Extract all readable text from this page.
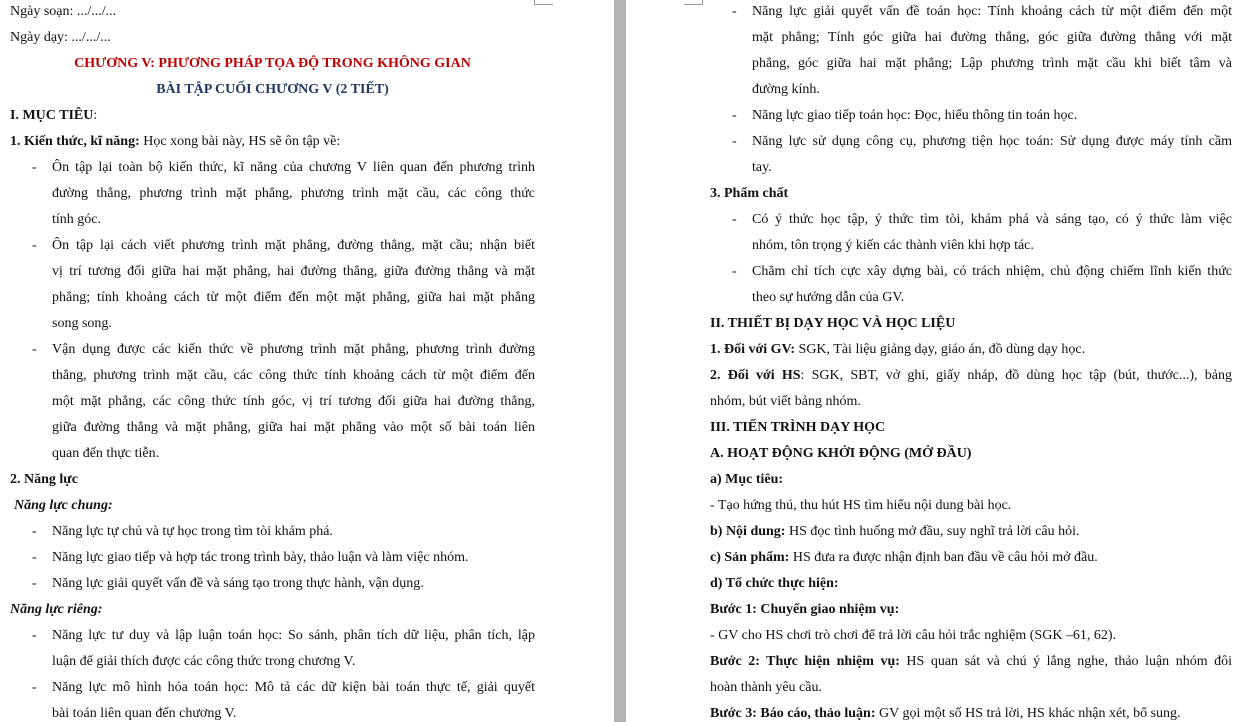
Ngày soạn: .../.../...
Ngày dạy: .../.../...
CHƯƠNG V: PHƯƠNG PHÁP TỌA ĐỘ TRONG KHÔNG GIAN
BÀI TẬP CUỐI CHƯƠNG V (2 TIẾT)
I. MỤC TIÊU:
1. Kiến thức, kĩ năng: Học xong bài này, HS sẽ ôn tập về:
- Ôn tập lại toàn bộ kiến thức, kĩ năng của chương V liên quan đến phương trình
đường thẳng, phương trình mặt phẳng, phương trình mặt cầu, các công thức
tính góc.
- Ôn tập lại cách viết phương trình mặt phẳng, đường thẳng, mặt cầu; nhận biết
vị trí tương đối giữa hai mặt phẳng, hai đường thẳng, giữa đường thẳng và mặt
phẳng; tính khoảng cách từ một điểm đến một mặt phẳng, giữa hai mặt phẳng
song song.
- Vận dụng được các kiến thức về phương trình mặt phẳng, phương trình đường
thẳng, phương trình mặt cầu, các công thức tính khoảng cách từ một điểm đến
một mặt phẳng, các công thức tính góc, vị trí tương đối giữa hai đường thẳng,
giữa đường thẳng và mặt phẳng, giữa hai mặt phẳng vào một số bài toán liên
quan đến thực tiễn.
2. Năng lực
Năng lực chung:
- Năng lực tự chủ và tự học trong tìm tòi khám phá.
- Năng lực giao tiếp và hợp tác trong trình bày, thảo luận và làm việc nhóm.
- Năng lực giải quyết vấn đề và sáng tạo trong thực hành, vận dụng.
Năng lực riêng:
- Năng lực tư duy và lập luận toán học: So sánh, phân tích dữ liệu, phân tích, lập
luận để giải thích được các công thức trong chương V.
- Năng lực mô hình hóa toán học: Mô tả các dữ kiện bài toán thực tế, giải quyết
bài toán liên quan đến chương V.
- Năng lực giải quyết vấn đề toán học: Tính khoảng cách từ một điểm đến một
mặt phẳng; Tính góc giữa hai đường thẳng, góc giữa đường thẳng với mặt
phẳng, góc giữa hai mặt phẳng; Lập phương trình mặt cầu khi biết tâm và
đường kính.
- Năng lực giao tiếp toán học: Đọc, hiểu thông tin toán học.
- Năng lực sử dụng công cụ, phương tiện học toán: Sử dụng được máy tính cầm
tay.
3. Phẩm chất
- Có ý thức học tập, ý thức tìm tòi, khám phá và sáng tạo, có ý thức làm việc
nhóm, tôn trọng ý kiến các thành viên khi hợp tác.
- Chăm chỉ tích cực xây dựng bài, có trách nhiệm, chủ động chiếm lĩnh kiến thức
theo sự hướng dẫn của GV.
II. THIẾT BỊ DẠY HỌC VÀ HỌC LIỆU
1. Đối với GV: SGK, Tài liệu giảng dạy, giáo án, đồ dùng dạy học.
2. Đối với HS: SGK, SBT, vở ghi, giấy nháp, đồ dùng học tập (bút, thước...), bảng
nhóm, bút viết bảng nhóm.
III. TIẾN TRÌNH DẠY HỌC
A. HOẠT ĐỘNG KHỞI ĐỘNG (MỞ ĐẦU)
a) Mục tiêu:
- Tạo hứng thú, thu hút HS tìm hiểu nội dung bài học.
b) Nội dung: HS đọc tình huống mở đầu, suy nghĩ trả lời câu hỏi.
c) Sản phẩm: HS đưa ra được nhận định ban đầu về câu hỏi mở đầu.
d) Tổ chức thực hiện:
Bước 1: Chuyển giao nhiệm vụ:
- GV cho HS chơi trò chơi để trả lời câu hỏi trắc nghiệm (SGK –61, 62).
Bước 2: Thực hiện nhiệm vụ: HS quan sát và chú ý lắng nghe, thảo luận nhóm đôi
hoàn thành yêu cầu.
Bước 3: Báo cáo, thảo luận: GV gọi một số HS trả lời, HS khác nhận xét, bổ sung.
